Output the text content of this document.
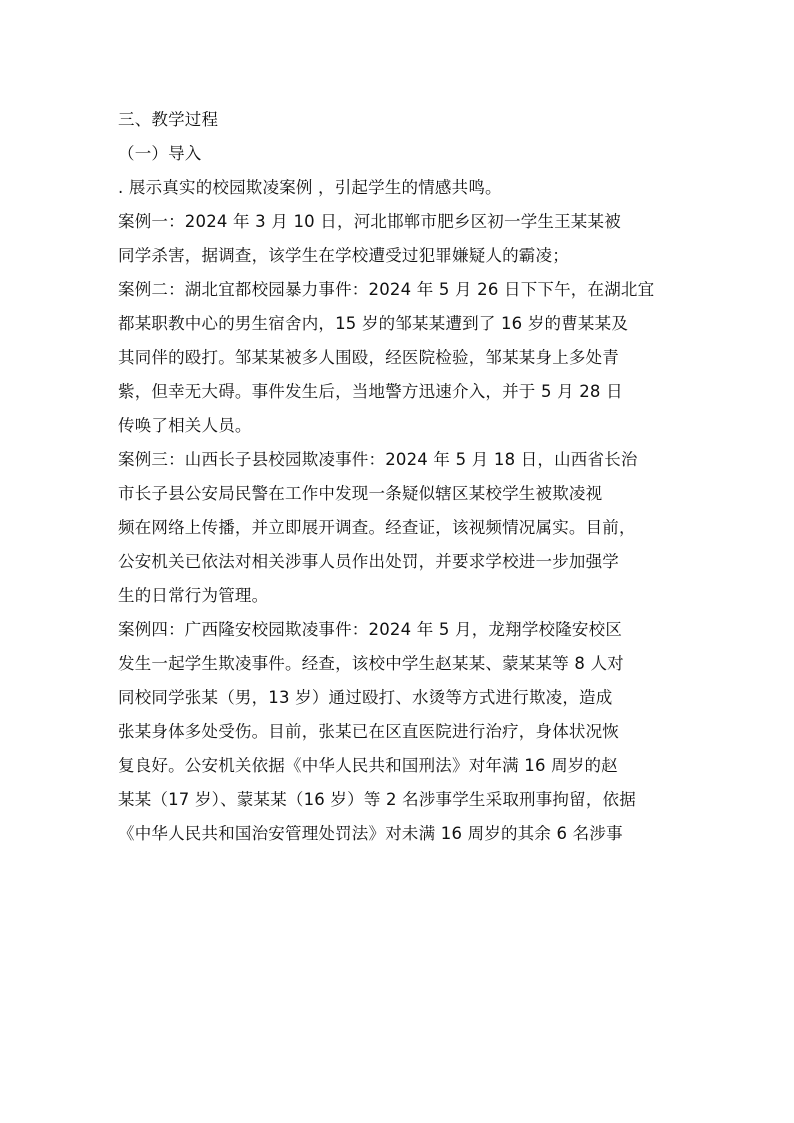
三、教学过程
（一）导入
. 展示真实的校园欺凌案例 ，引起学生的情感共鸣。
案例一：2024 年 3 月 10 日，河北邯郸市肥乡区初一学生王某某被
同学杀害，据调查，该学生在学校遭受过犯罪嫌疑人的霸凌；
案例二：湖北宜都校园暴力事件：2024 年 5 月 26 日下下午，在湖北宜
都某职教中心的男生宿舍内，15 岁的邹某某遭到了 16 岁的曹某某及
其同伴的殴打。邹某某被多人围殴，经医院检验，邹某某身上多处青
紫，但幸无大碍。事件发生后，当地警方迅速介入，并于 5 月 28 日
传唤了相关人员。
案例三：山西长子县校园欺凌事件：2024 年 5 月 18 日，山西省长治
市长子县公安局民警在工作中发现一条疑似辖区某校学生被欺凌视
频在网络上传播，并立即展开调查。经查证，该视频情况属实。目前，
公安机关已依法对相关涉事人员作出处罚，并要求学校进一步加强学
生的日常行为管理。
案例四：广西隆安校园欺凌事件：2024 年 5 月，龙翔学校隆安校区
发生一起学生欺凌事件。经查，该校中学生赵某某、蒙某某等 8 人对
同校同学张某（男，13 岁）通过殴打、水烫等方式进行欺凌，造成
张某身体多处受伤。目前，张某已在区直医院进行治疗，身体状况恢
复良好。公安机关依据《中华人民共和国刑法》对年满 16 周岁的赵
某某（17 岁）、蒙某某（16 岁）等 2 名涉事学生采取刑事拘留，依据
《中华人民共和国治安管理处罚法》对未满 16 周岁的其余 6 名涉事
